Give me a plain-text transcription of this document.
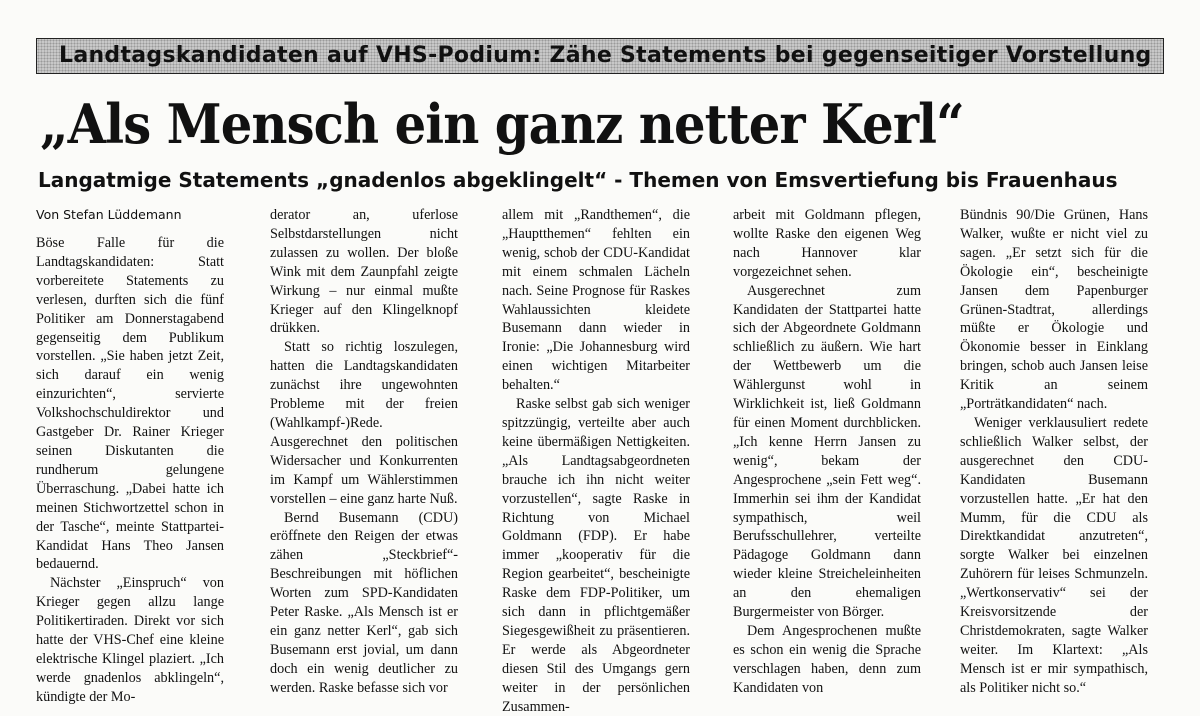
Landtagskandidaten auf VHS-Podium: Zähe Statements bei gegenseitiger Vorstellung
„Als Mensch ein ganz netter Kerl“
Langatmige Statements „gnadenlos abgeklingelt“ - Themen von Emsvertiefung bis Frauenhaus
Von Stefan Lüddemann

Böse Falle für die Landtagskandidaten: Statt vorbereitete Statements zu verlesen, durften sich die fünf Politiker am Donnerstagabend gegenseitig dem Publikum vorstellen. „Sie haben jetzt Zeit, sich darauf ein wenig einzurichten“, servierte Volkshochschuldirektor und Gastgeber Dr. Rainer Krieger seinen Diskutanten die rundherum gelungene Überraschung. „Dabei hatte ich meinen Stichwortzettel schon in der Tasche“, meinte Stattpartei-Kandidat Hans Theo Jansen bedauernd.

Nächster „Einspruch“ von Krieger gegen allzu lange Politikertiraden. Direkt vor sich hatte der VHS-Chef eine kleine elektrische Klingel plaziert. „Ich werde gnadenlos abklingeln“, kündigte der Mo-

derator an, uferlose Selbstdarstellungen nicht zulassen zu wollen. Der bloße Wink mit dem Zaunpfahl zeigte Wirkung – nur einmal mußte Krieger auf den Klingelknopf drükken.

Statt so richtig loszulegen, hatten die Landtagskandidaten zunächst ihre ungewohnten Probleme mit der freien (Wahlkampf-)Rede. Ausgerechnet den politischen Widersacher und Konkurrenten im Kampf um Wählerstimmen vorstellen – eine ganz harte Nuß.

Bernd Busemann (CDU) eröffnete den Reigen der etwas zähen „Steckbrief“-Beschreibungen mit höflichen Worten zum SPD-Kandidaten Peter Raske. „Als Mensch ist er ein ganz netter Kerl“, gab sich Busemann erst jovial, um dann doch ein wenig deutlicher zu werden. Raske befasse sich vor

allem mit „Randthemen“, die „Hauptthemen“ fehlten ein wenig, schob der CDU-Kandidat mit einem schmalen Lächeln nach. Seine Prognose für Raskes Wahlaussichten kleidete Busemann dann wieder in Ironie: „Die Johannesburg wird einen wichtigen Mitarbeiter behalten.“

Raske selbst gab sich weniger spitzzüngig, verteilte aber auch keine übermäßigen Nettigkeiten. „Als Landtagsabgeordneten brauche ich ihn nicht weiter vorzustellen“, sagte Raske in Richtung von Michael Goldmann (FDP). Er habe immer „kooperativ für die Region gearbeitet“, bescheinigte Raske dem FDP-Politiker, um sich dann in pflichtgemäßer Siegesgewißheit zu präsentieren. Er werde als Abgeordneter diesen Stil des Umgangs gern weiter in der persönlichen Zusammen-

arbeit mit Goldmann pflegen, wollte Raske den eigenen Weg nach Hannover klar vorgezeichnet sehen.

Ausgerechnet zum Kandidaten der Stattpartei hatte sich der Abgeordnete Goldmann schließlich zu äußern. Wie hart der Wettbewerb um die Wählergunst wohl in Wirklichkeit ist, ließ Goldmann für einen Moment durchblicken. „Ich kenne Herrn Jansen zu wenig“, bekam der Angesprochene „sein Fett weg“. Immerhin sei ihm der Kandidat sympathisch, weil Berufsschullehrer, verteilte Pädagoge Goldmann dann wieder kleine Streicheleinheiten an den ehemaligen Burgermeister von Börger.

Dem Angesprochenen mußte es schon ein wenig die Sprache verschlagen haben, denn zum Kandidaten von

Bündnis 90/Die Grünen, Hans Walker, wußte er nicht viel zu sagen. „Er setzt sich für die Ökologie ein“, bescheinigte Jansen dem Papenburger Grünen-Stadtrat, allerdings müßte er Ökologie und Ökonomie besser in Einklang bringen, schob auch Jansen leise Kritik an seinem „Porträtkandidaten“ nach.

Weniger verklausuliert redete schließlich Walker selbst, der ausgerechnet den CDU-Kandidaten Busemann vorzustellen hatte. „Er hat den Mumm, für die CDU als Direktkandidat anzutreten“, sorgte Walker bei einzelnen Zuhörern für leises Schmunzeln. „Wertkonservativ“ sei der Kreisvorsitzende der Christdemokraten, sagte Walker weiter. Im Klartext: „Als Mensch ist er mir sympathisch, als Politiker nicht so.“
